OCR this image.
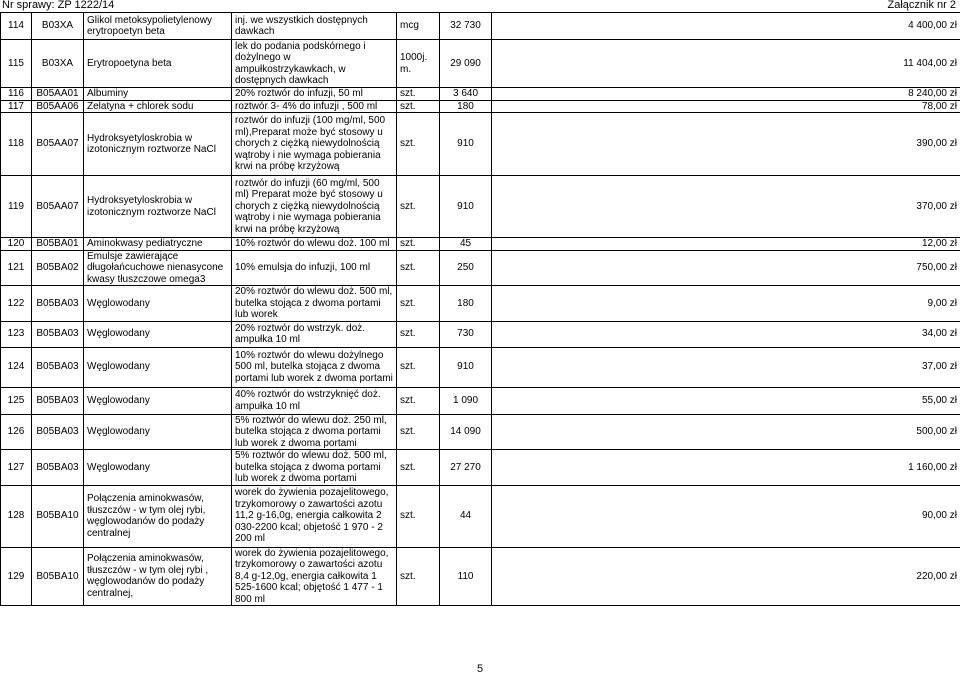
Nr sprawy: ZP 1222/14	Załącznik nr 2
114	B03XA	Glikol metoksypolietylenowy erytropoetyn beta	inj. we wszystkich dostępnych dawkach	mcg	32 730	4 400,00 zł
115	B03XA	Erytropoetyna beta	lek do podania podskórnego i dożylnego w ampułkostrzykawkach, w dostępnych dawkach	1000j. m.	29 090	11 404,00 zł
116	B05AA01	Albuminy	20% roztwór do infuzji, 50 ml	szt.	3 640	8 240,00 zł
117	B05AA06	Żelatyna + chlorek sodu	roztwór 3- 4% do infuzji , 500 ml	szt.	180	78,00 zł
118	B05AA07	Hydroksyetyloskrobia w izotonicznym roztworze NaCl	roztwór do infuzji (100 mg/ml, 500 ml),Preparat może być stosowy u chorych z ciężką niewydolnością wątroby i nie wymaga pobierania krwi na próbę krzyżową	szt.	910	390,00 zł
119	B05AA07	Hydroksyetyloskrobia w izotonicznym roztworze NaCl	roztwór do infuzji (60 mg/ml, 500 ml) Preparat może być stosowy u chorych z ciężką niewydolnością wątroby i nie wymaga pobierania krwi na próbę krzyżową	szt.	910	370,00 zł
120	B05BA01	Aminokwasy pediatryczne	10% roztwór do wlewu doż. 100 ml	szt.	45	12,00 zł
121	B05BA02	Emulsje zawierające długołańcuchowe nienasycone kwasy tłuszczowe omega3	10% emulsja do infuzji, 100 ml	szt.	250	750,00 zł
122	B05BA03	Węglowodany	20% roztwór do wlewu doż. 500 ml, butelka stojąca z dwoma portami lub worek	szt.	180	9,00 zł
123	B05BA03	Węglowodany	20% roztwór do wstrzyk. doż. ampułka 10 ml	szt.	730	34,00 zł
124	B05BA03	Węglowodany	10% roztwór do wlewu dożylnego 500 ml, butelka stojąca z dwoma portami lub worek z dwoma portami	szt.	910	37,00 zł
125	B05BA03	Węglowodany	40% roztwór do wstrzyknięć doż. ampułka 10 ml	szt.	1 090	55,00 zł
126	B05BA03	Węglowodany	5% roztwór do wlewu doż. 250 ml, butelka stojąca z dwoma portami lub worek z dwoma portami	szt.	14 090	500,00 zł
127	B05BA03	Węglowodany	5% roztwór do wlewu doż. 500 ml, butelka stojąca z dwoma portami lub worek z dwoma portami	szt.	27 270	1 160,00 zł
128	B05BA10	Połączenia aminokwasów, tłuszczów - w tym olej rybi, węglowodanów do podaży centralnej	worek do żywienia pozajelitowego, trzykomorowy o zawartości azotu 11,2 g-16,0g, energia całkowita 2 030-2200 kcal; objetość 1 970 - 2 200 ml	szt.	44	90,00 zł
129	B05BA10	Połączenia aminokwasów, tłuszczów - w tym olej rybi , węglowodanów do podaży centralnej,	worek do żywienia pozajelitowego, trzykomorowy o zawartości azotu 8,4 g-12,0g, energia całkowita 1 525-1600 kcal; objętość 1 477 - 1 800 ml	szt.	110	220,00 zł
5
